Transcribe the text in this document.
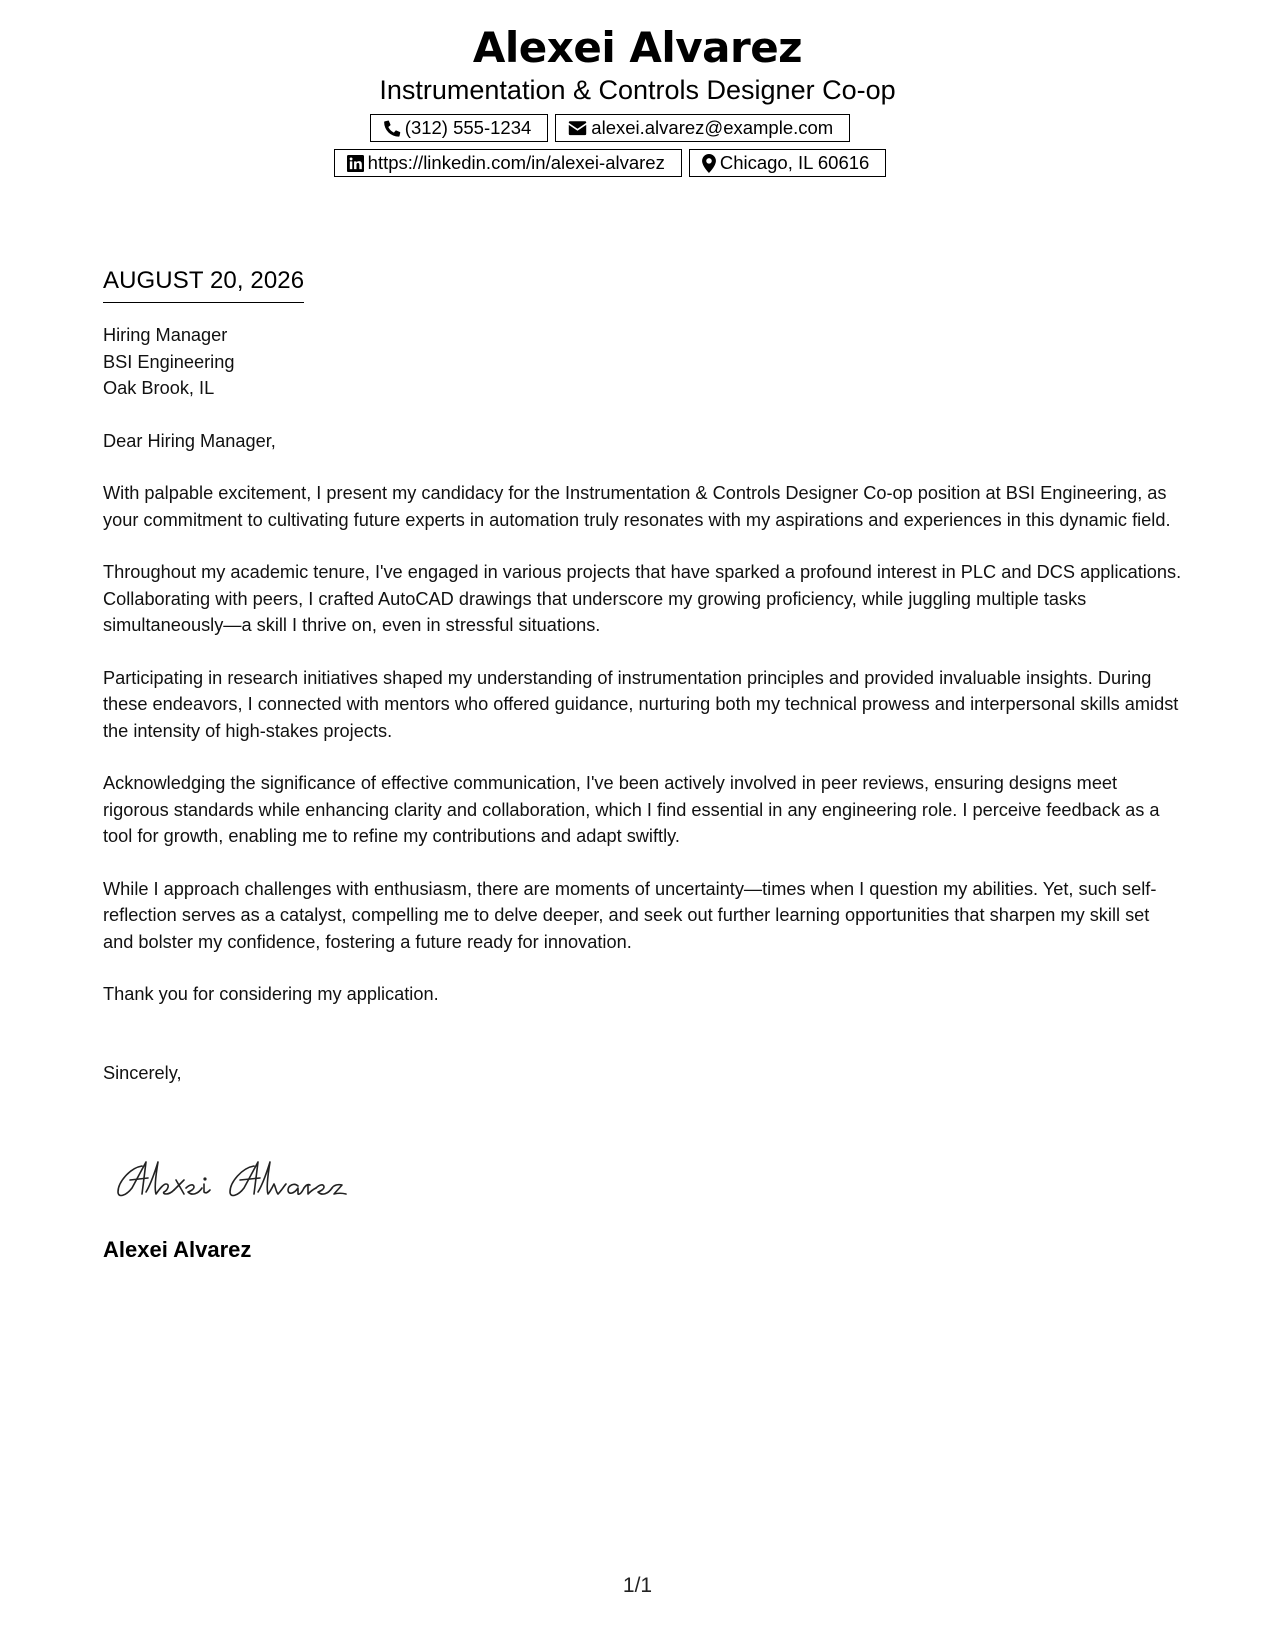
Alexei Alvarez
Instrumentation & Controls Designer Co-op
(312) 555-1234	alexei.alvarez@example.com
https://linkedin.com/in/alexei-alvarez	Chicago, IL 60616
AUGUST 20, 2026
Hiring Manager
BSI Engineering
Oak Brook, IL
Dear Hiring Manager,
With palpable excitement, I present my candidacy for the Instrumentation & Controls Designer Co-op position at BSI Engineering, as your commitment to cultivating future experts in automation truly resonates with my aspirations and experiences in this dynamic field.
Throughout my academic tenure, I've engaged in various projects that have sparked a profound interest in PLC and DCS applications. Collaborating with peers, I crafted AutoCAD drawings that underscore my growing proficiency, while juggling multiple tasks simultaneously—a skill I thrive on, even in stressful situations.
Participating in research initiatives shaped my understanding of instrumentation principles and provided invaluable insights. During these endeavors, I connected with mentors who offered guidance, nurturing both my technical prowess and interpersonal skills amidst the intensity of high-stakes projects.
Acknowledging the significance of effective communication, I've been actively involved in peer reviews, ensuring designs meet rigorous standards while enhancing clarity and collaboration, which I find essential in any engineering role. I perceive feedback as a tool for growth, enabling me to refine my contributions and adapt swiftly.
While I approach challenges with enthusiasm, there are moments of uncertainty—times when I question my abilities. Yet, such self-reflection serves as a catalyst, compelling me to delve deeper, and seek out further learning opportunities that sharpen my skill set and bolster my confidence, fostering a future ready for innovation.
Thank you for considering my application.
Sincerely,
Alexei Alvarez
1/1
